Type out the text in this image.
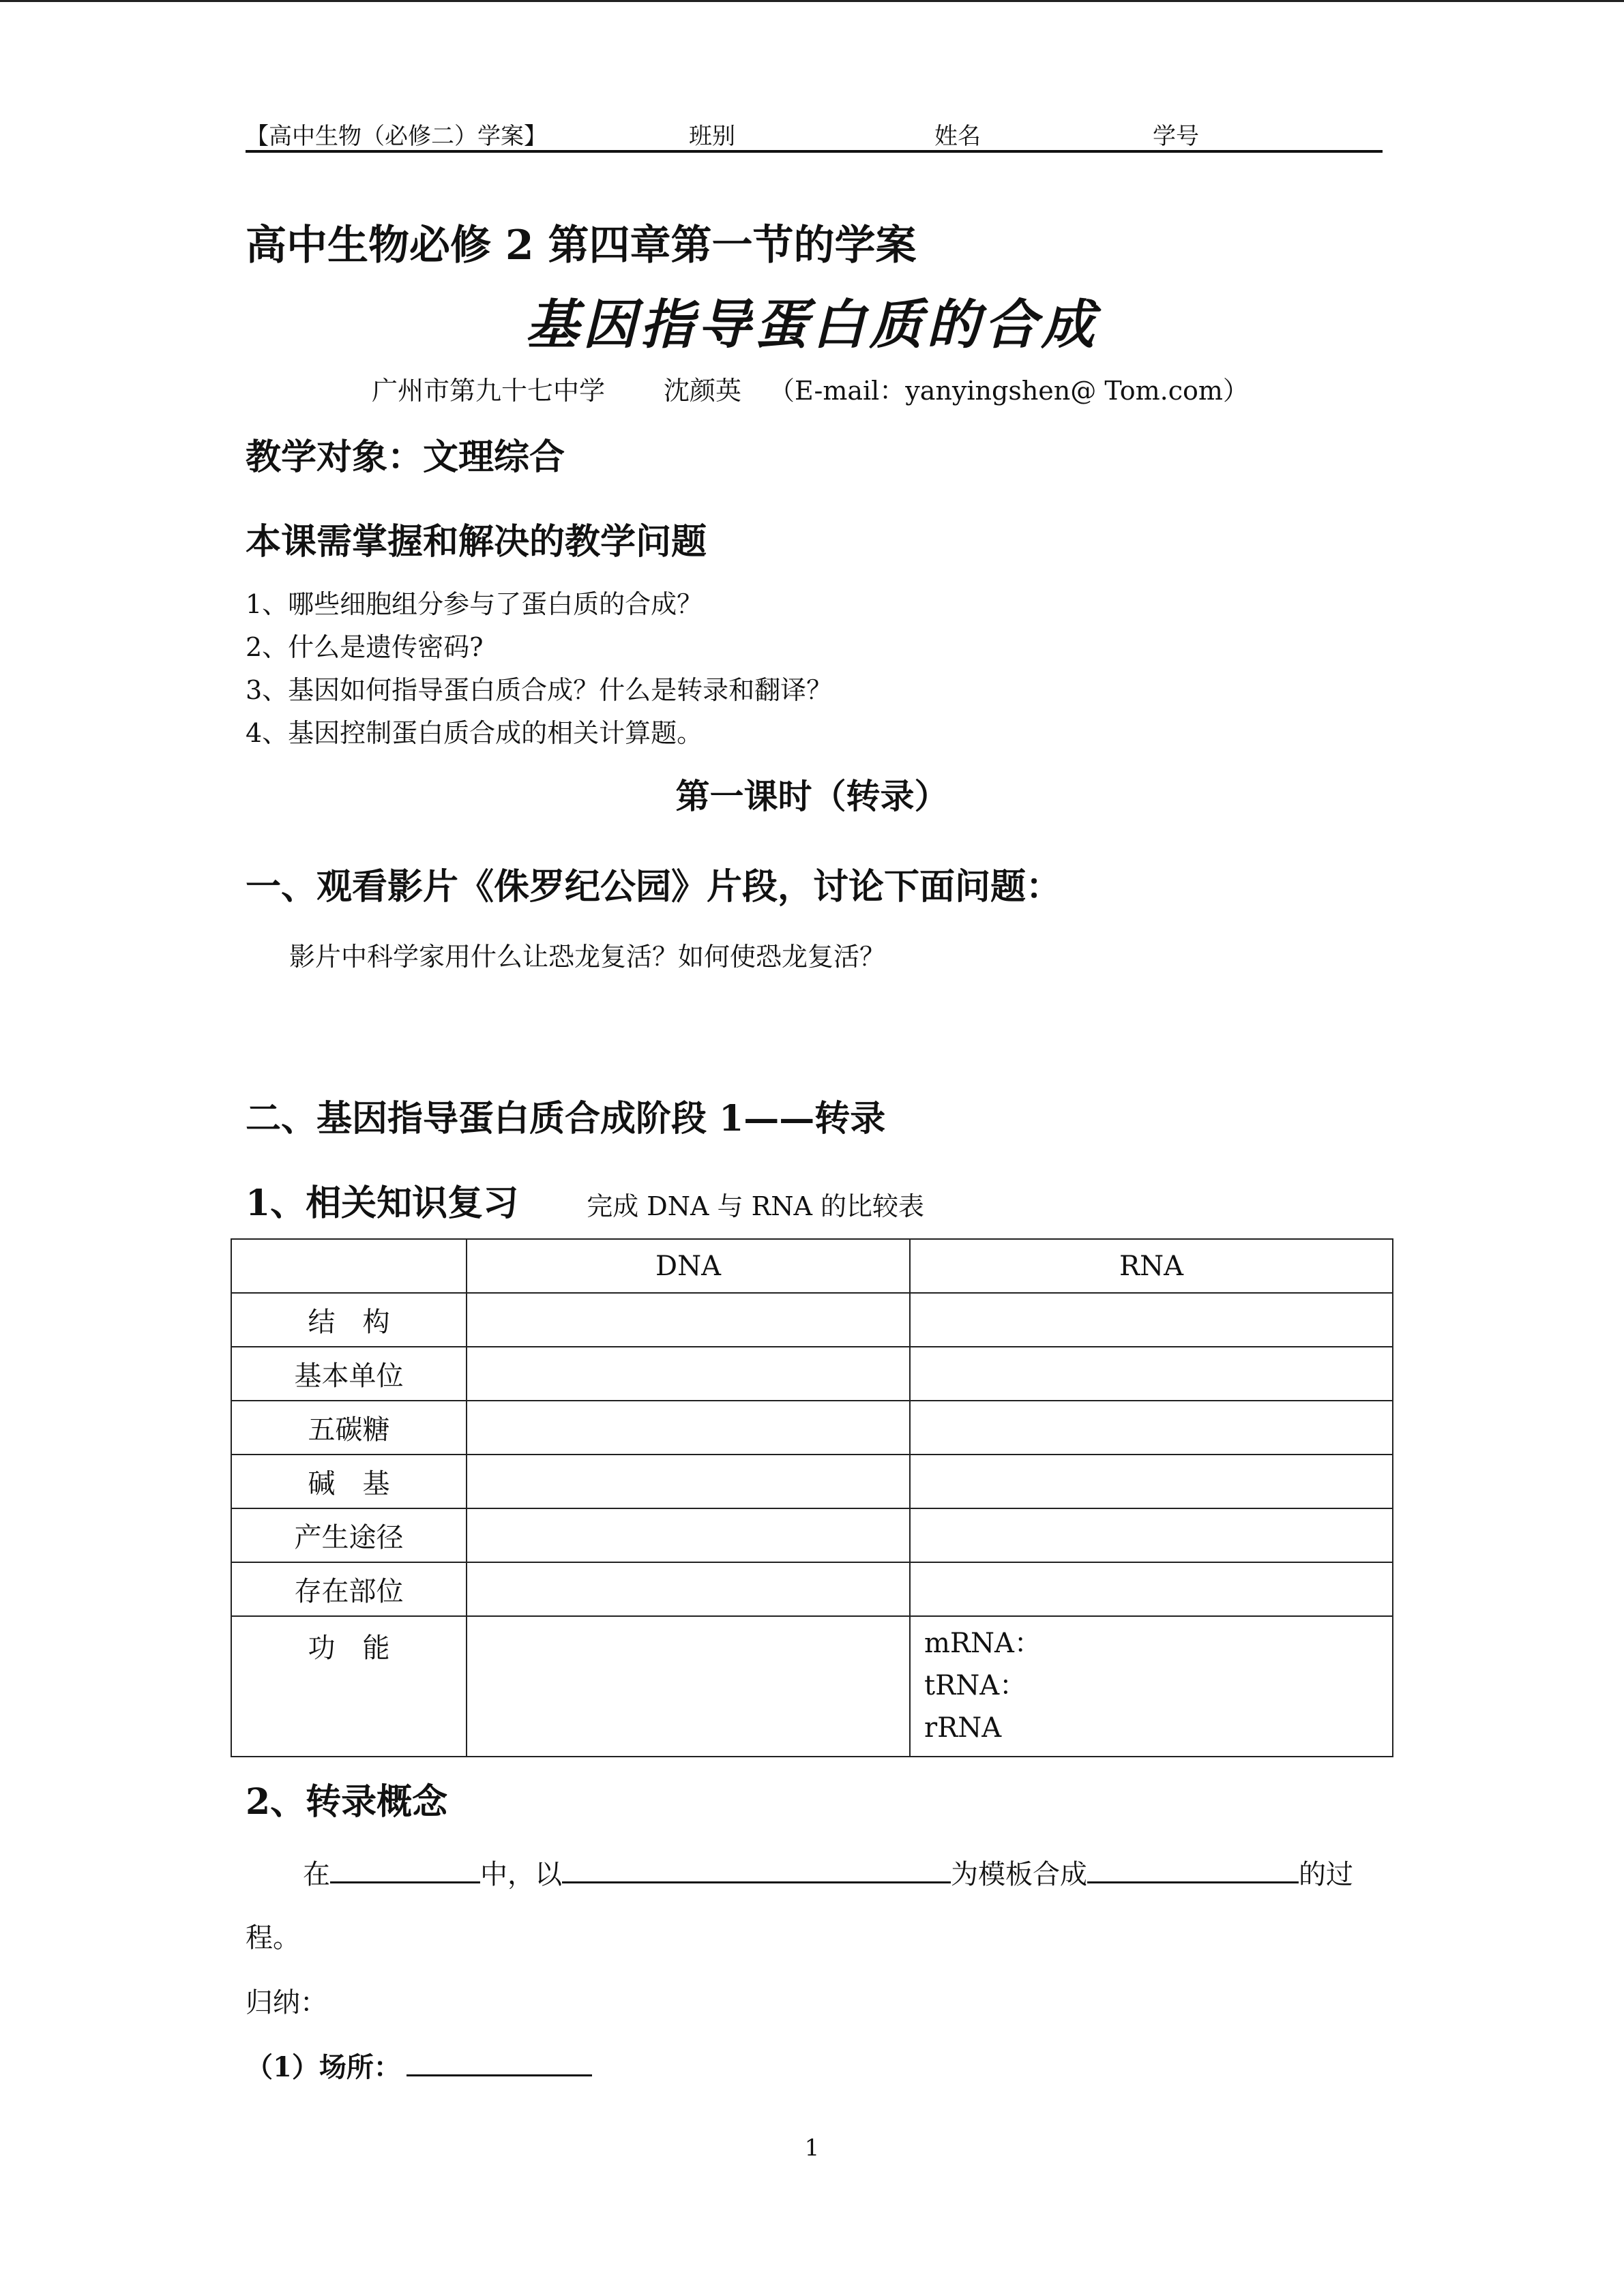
【高中生物（必修二）学案】	班别	姓名	学号
高中生物必修 2 第四章第一节的学案
基因指导蛋白质的合成
广州市第九十七中学 沈颜英 （E-mail：yanyingshen@ Tom.com）
教学对象：文理综合
本课需掌握和解决的教学问题
1、哪些细胞组分参与了蛋白质的合成？
2、什么是遗传密码?
3、基因如何指导蛋白质合成？什么是转录和翻译？
4、基因控制蛋白质合成的相关计算题。
第一课时（转录）
一、观看影片《侏罗纪公园》片段，讨论下面问题：
影片中科学家用什么让恐龙复活？如何使恐龙复活？
二、基因指导蛋白质合成阶段 1——转录
1、相关知识复习	完成 DNA 与 RNA 的比较表
	DNA	RNA
结　构		
基本单位		
五碳糖		
碱　基		
产生途径		
存在部位		
功　能		mRNA：
tRNA：
rRNA
2、转录概念
在	中，以	为模板合成	的过
程。
归纳：
（1）场所：
1
